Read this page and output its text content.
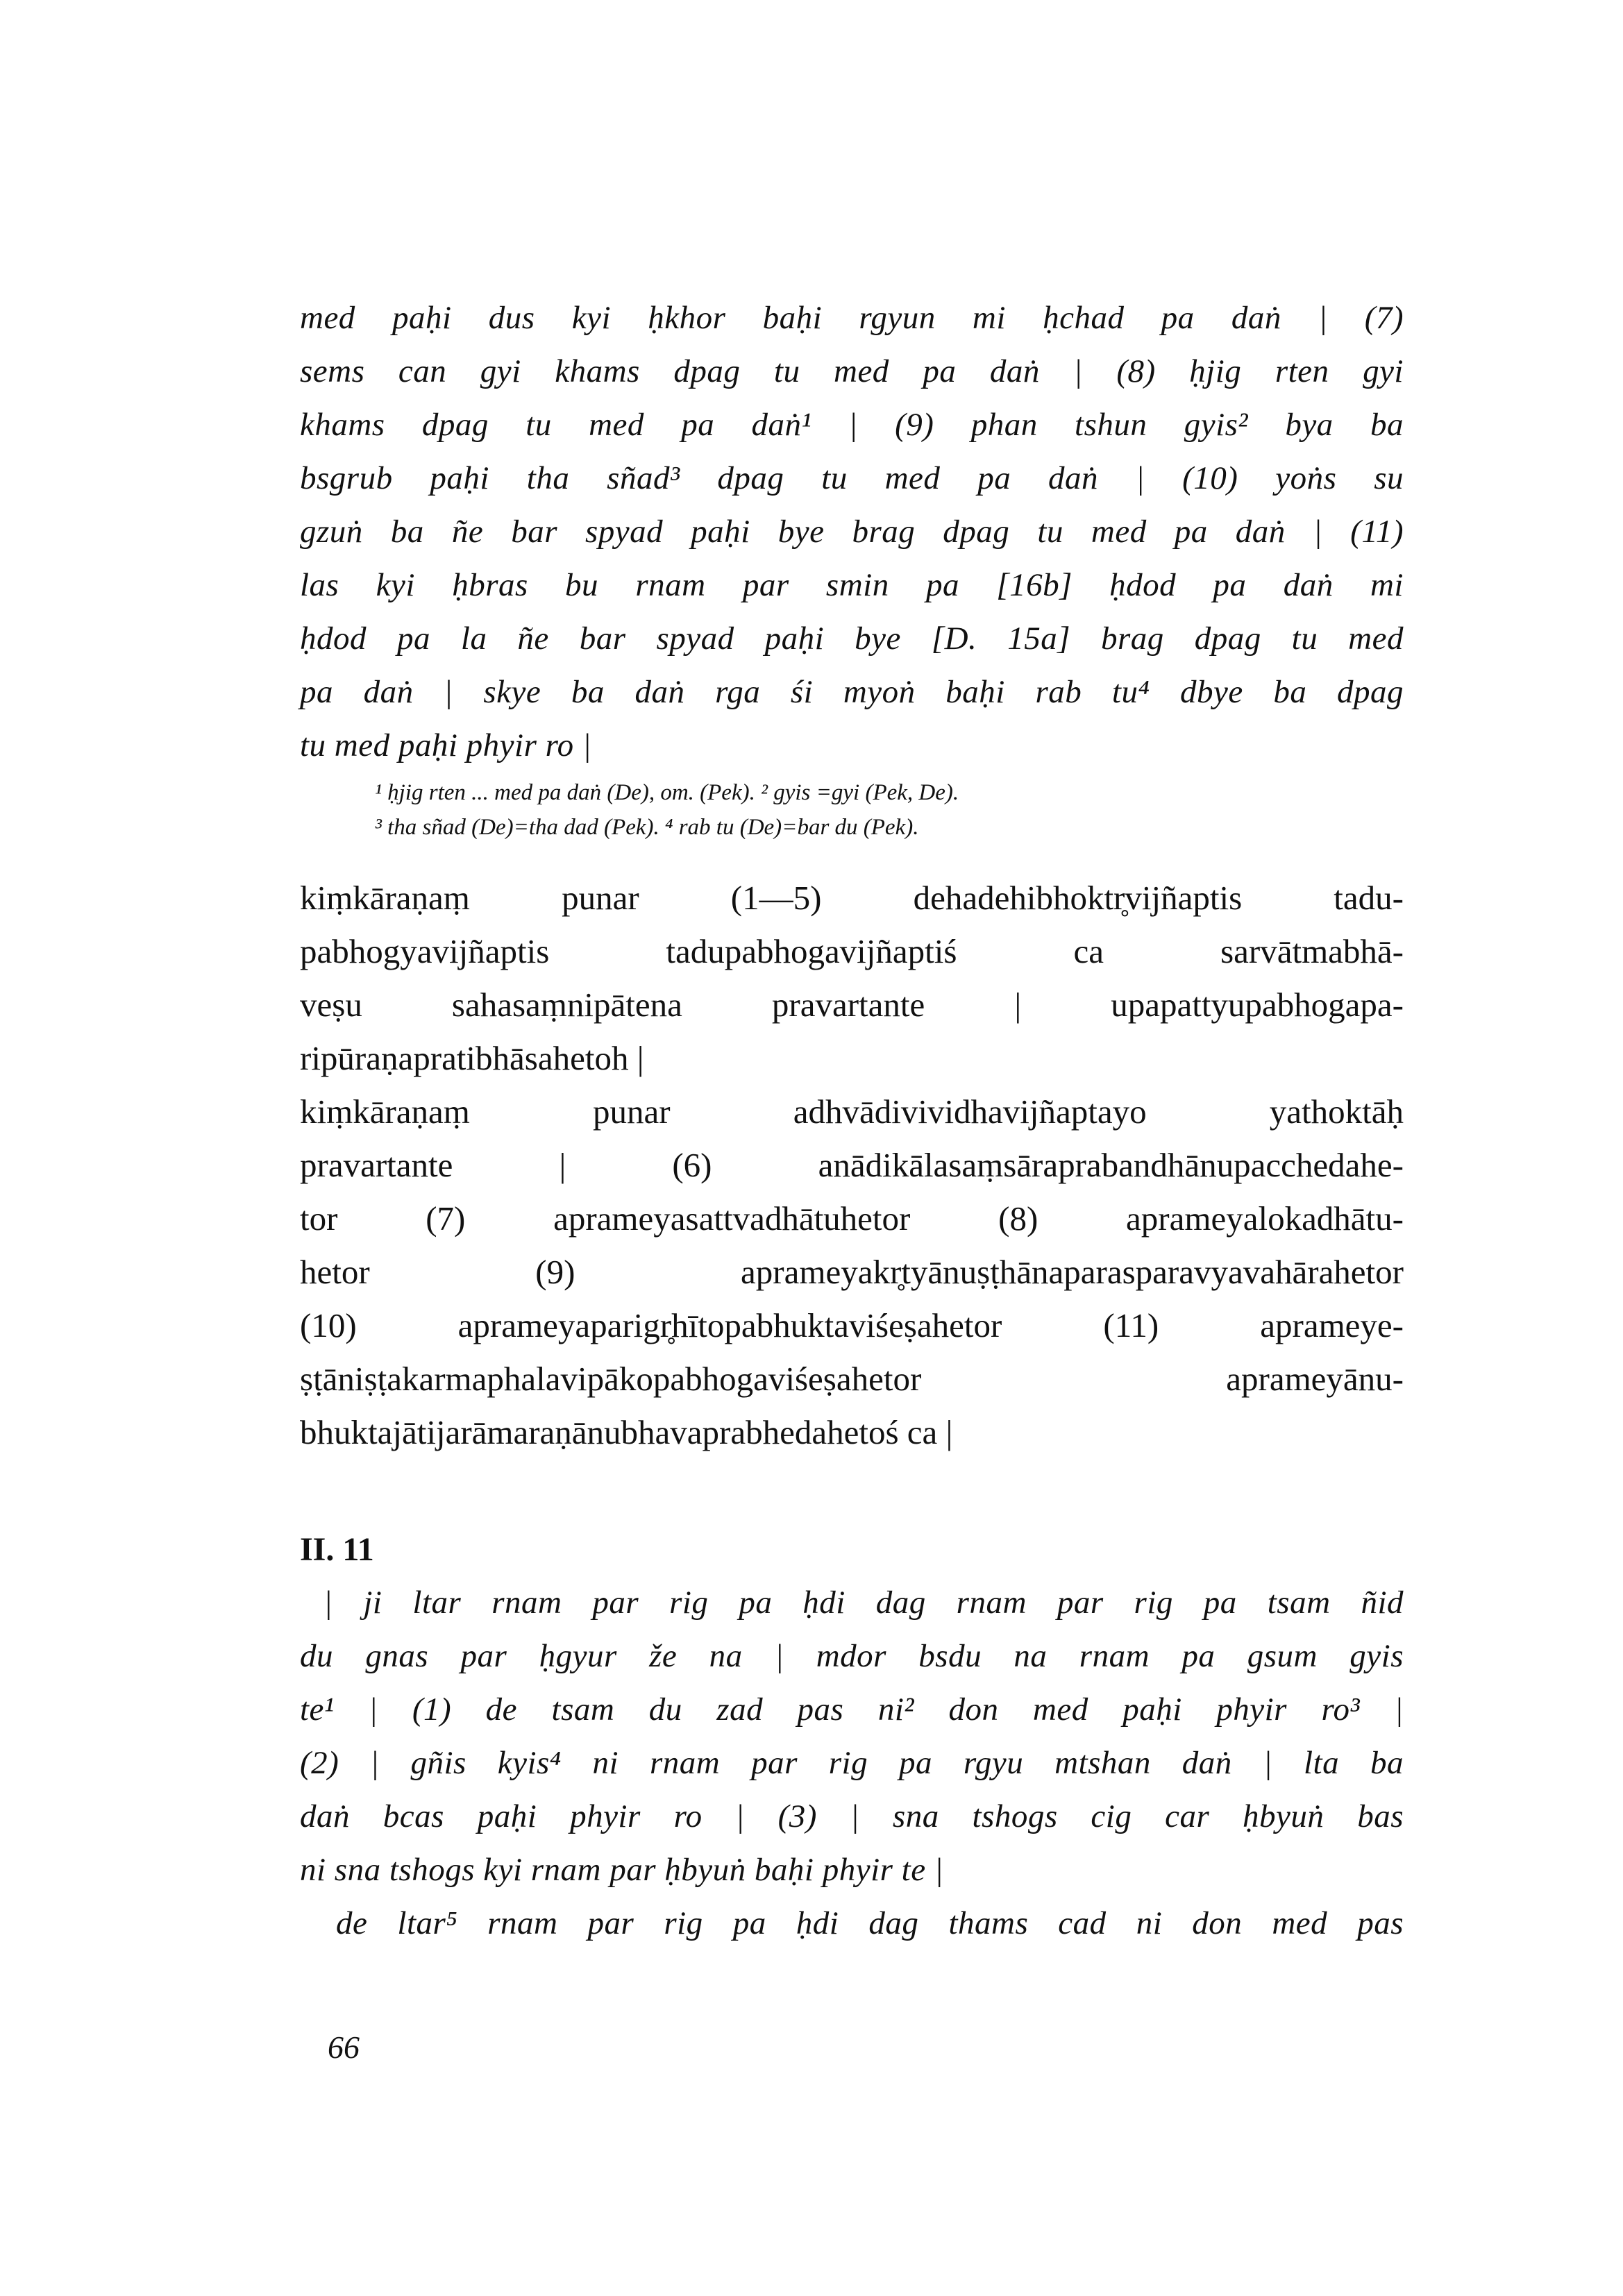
med paḥi dus kyi ḥkhor baḥi rgyun mi ḥchad pa daṅ | (7)
sems can gyi khams dpag tu med pa daṅ | (8) ḥjig rten gyi
khams dpag tu med pa daṅ¹ | (9) phan tshun gyis² bya ba
bsgrub paḥi tha sñad³ dpag tu med pa daṅ | (10) yoṅs su
gzuṅ ba ñe bar spyad paḥi bye brag dpag tu med pa daṅ | (11)
las kyi ḥbras bu rnam par smin pa [16b] ḥdod pa daṅ mi
ḥdod pa la ñe bar spyad paḥi bye [D. 15a] brag dpag tu med
pa daṅ | skye ba daṅ rga śi myoṅ baḥi rab tu⁴ dbye ba dpag
tu med paḥi phyir ro |
¹ ḥjig rten ... med pa daṅ (De), om. (Pek). ² gyis =gyi (Pek, De).
³ tha sñad (De)=tha dad (Pek). ⁴ rab tu (De)=bar du (Pek).
kiṃkāraṇaṃ punar (1—5) dehadehibhoktr̥vijñaptis tadu-
pabhogyavijñaptis tadupabhogavijñaptiś ca sarvātmabhā-
veṣu sahasaṃnipātena pravartante | upapattyupabhogapa-
ripūraṇapratibhāsahetoh |
kiṃkāraṇaṃ punar adhvādivividhavijñaptayo yathoktāḥ
pravartante | (6) anādikālasaṃsāraprabandhānupacchedahe-
tor (7) aprameyasattvadhātuhetor (8) aprameyalokadhātu-
hetor (9) aprameyakr̥tyānuṣṭhānaparasparavyavahārahetor
(10) aprameyaparigr̥hītopabhuktaviśeṣahetor (11) aprameye-
ṣṭāniṣṭakarmaphalavipākopabhogaviśeṣahetor aprameyānu-
bhuktajātijarāmaraṇānubhavaprabhedahetoś ca |
II. 11
| ji ltar rnam par rig pa ḥdi dag rnam par rig pa tsam ñid
du gnas par ḥgyur že na | mdor bsdu na rnam pa gsum gyis
te¹ | (1) de tsam du zad pas ni² don med paḥi phyir ro³ |
(2) | gñis kyis⁴ ni rnam par rig pa rgyu mtshan daṅ | lta ba
daṅ bcas paḥi phyir ro | (3) | sna tshogs cig car ḥbyuṅ bas
ni sna tshogs kyi rnam par ḥbyuṅ baḥi phyir te |
de ltar⁵ rnam par rig pa ḥdi dag thams cad ni don med pas
66
